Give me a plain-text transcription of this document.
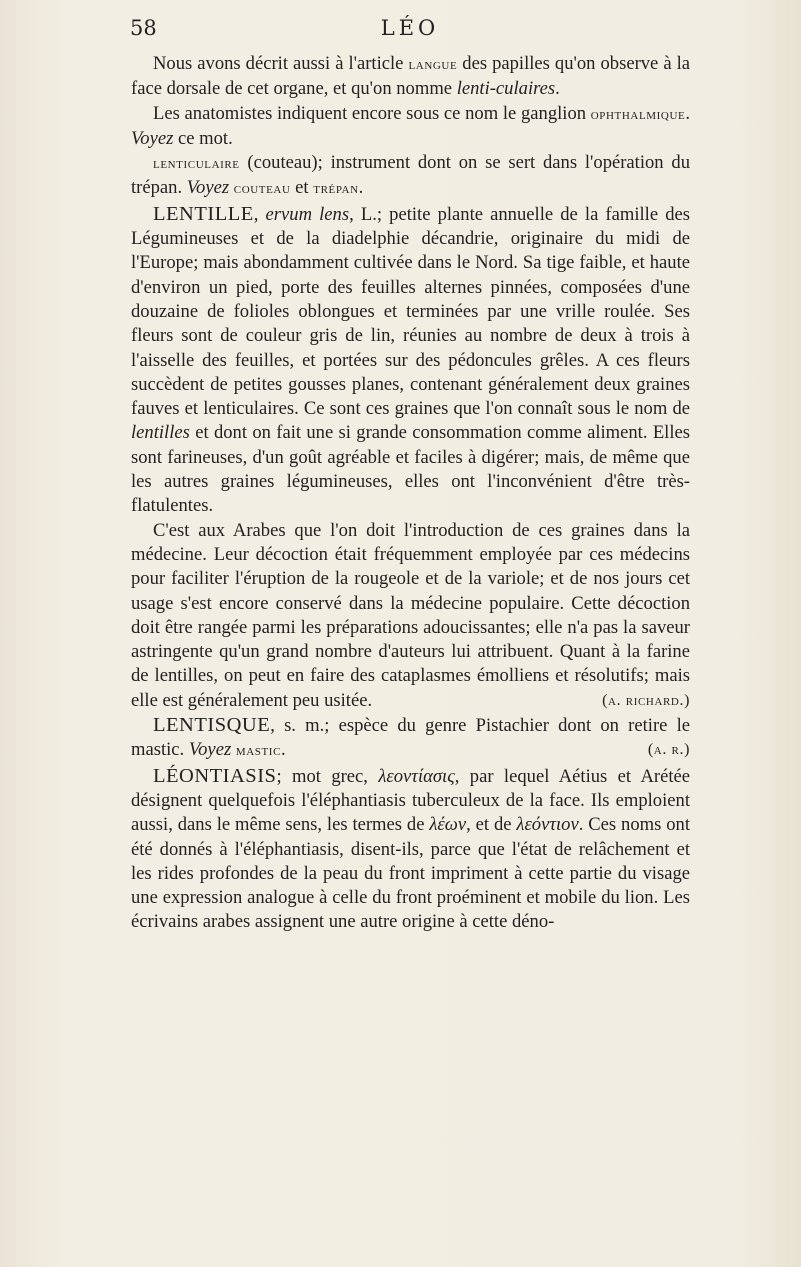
58	LÉO

Nous avons décrit aussi à l'article langue des papilles qu'on observe à la face dorsale de cet organe, et qu'on nomme lenti-culaires.

Les anatomistes indiquent encore sous ce nom le ganglion ophthalmique. Voyez ce mot.

lenticulaire (couteau); instrument dont on se sert dans l'opération du trépan. Voyez couteau et trépan.

LENTILLE, ervum lens, L.; petite plante annuelle de la famille des Légumineuses et de la diadelphie décandrie, originaire du midi de l'Europe; mais abondamment cultivée dans le Nord. Sa tige faible, et haute d'environ un pied, porte des feuilles alternes pinnées, composées d'une douzaine de folioles oblongues et terminées par une vrille roulée. Ses fleurs sont de couleur gris de lin, réunies au nombre de deux à trois à l'aisselle des feuilles, et portées sur des pédoncules grêles. A ces fleurs succèdent de petites gousses planes, contenant généralement deux graines fauves et lenticulaires. Ce sont ces graines que l'on connaît sous le nom de lentilles et dont on fait une si grande consommation comme aliment. Elles sont farineuses, d'un goût agréable et faciles à digérer; mais, de même que les autres graines légumineuses, elles ont l'inconvénient d'être très-flatulentes.

C'est aux Arabes que l'on doit l'introduction de ces graines dans la médecine. Leur décoction était fréquemment employée par ces médecins pour faciliter l'éruption de la rougeole et de la variole; et de nos jours cet usage s'est encore conservé dans la médecine populaire. Cette décoction doit être rangée parmi les préparations adoucissantes; elle n'a pas la saveur astringente qu'un grand nombre d'auteurs lui attribuent. Quant à la farine de lentilles, on peut en faire des cataplasmes émolliens et résolutifs; mais elle est généralement peu usitée.	(a. richard.)

LENTISQUE, s. m.; espèce du genre Pistachier dont on retire le mastic. Voyez mastic.	(a. r.)

LÉONTIASIS; mot grec, λεοντίασις, par lequel Aétius et Arétée désignent quelquefois l'éléphantiasis tuberculeux de la face. Ils emploient aussi, dans le même sens, les termes de λέων, et de λεόντιον. Ces noms ont été donnés à l'éléphantiasis, disent-ils, parce que l'état de relâchement et les rides profondes de la peau du front impriment à cette partie du visage une expression analogue à celle du front proéminent et mobile du lion. Les écrivains arabes assignent une autre origine à cette déno-
